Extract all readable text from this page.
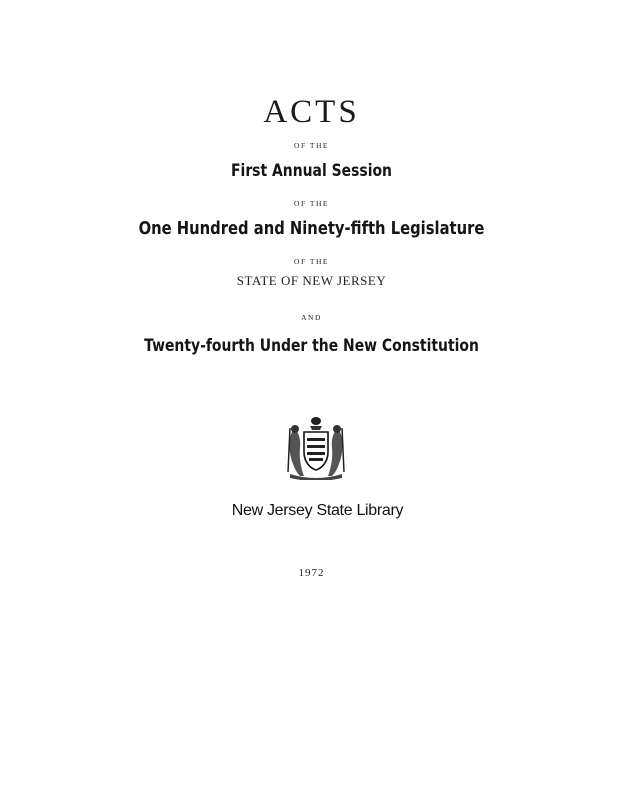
ACTS
OF THE
First Annual Session
OF THE
One Hundred and Ninety-fifth Legislature
OF THE
STATE OF NEW JERSEY
AND
Twenty-fourth Under the New Constitution
New Jersey State Library
1972
